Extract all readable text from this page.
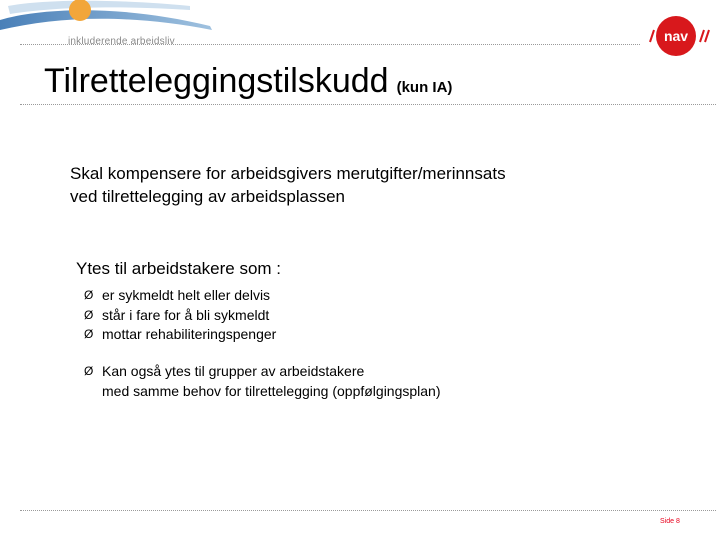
inkluderende arbeidsliv	nav
Tilretteleggingstilskudd (kun IA)
Skal kompensere for arbeidsgivers merutgifter/merinnsats
ved tilrettelegging av arbeidsplassen
Ytes til arbeidstakere som :
Ø er sykmeldt helt eller delvis
Ø står i fare for å bli sykmeldt
Ø mottar rehabiliteringspenger
Ø Kan også ytes til grupper av arbeidstakere
med samme behov for tilrettelegging (oppfølgingsplan)
Side 8
